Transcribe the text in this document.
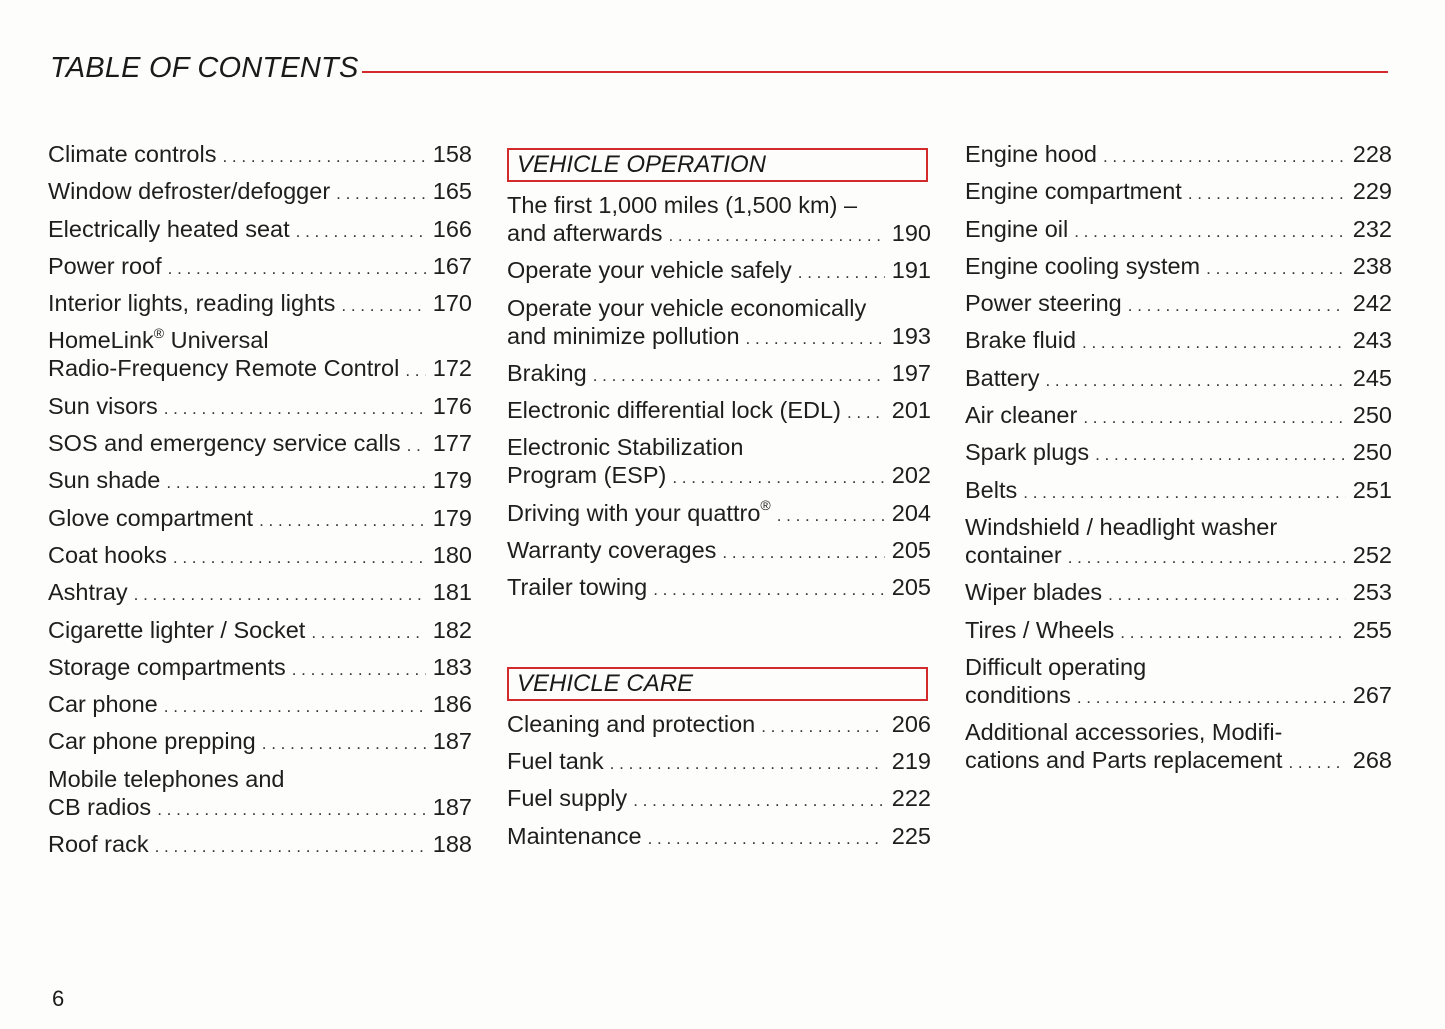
TABLE OF CONTENTS
Climate controls . . .	158
Window defroster/defogger . . .	165
Electrically heated seat . . .	166
Power roof . . .	167
Interior lights, reading lights . . .	170
HomeLink® Universal
Radio-Frequency Remote Control . . . 172
Sun visors . . .	176
SOS and emergency service calls . . . 177
Sun shade . . .	179
Glove compartment . . .	179
Coat hooks . . .	180
Ashtray . . .	181
Cigarette lighter / Socket . . .	182
Storage compartments . . .	183
Car phone . . .	186
Car phone prepping . . .	187
Mobile telephones and
CB radios . . .	187
Roof rack . . .	188
VEHICLE OPERATION
The first 1,000 miles (1,500 km) –
and afterwards . . .	190
Operate your vehicle safely . . .	191
Operate your vehicle economically
and minimize pollution . . .	193
Braking . . .	197
Electronic differential lock (EDL) . . . 201
Electronic Stabilization
Program (ESP) . . .	202
Driving with your quattro® . . .	204
Warranty coverages . . .	205
Trailer towing . . .	205
VEHICLE CARE
Cleaning and protection . . .	206
Fuel tank . . .	219
Fuel supply . . .	222
Maintenance . . .	225
Engine hood . . .	228
Engine compartment . . .	229
Engine oil . . .	232
Engine cooling system . . .	238
Power steering . . .	242
Brake fluid . . .	243
Battery . . .	245
Air cleaner . . .	250
Spark plugs . . .	250
Belts . . .	251
Windshield / headlight washer
container . . .	252
Wiper blades . . .	253
Tires / Wheels . . .	255
Difficult operating
conditions . . .	267
Additional accessories, Modifi-
cations and Parts replacement . . .	268
6
